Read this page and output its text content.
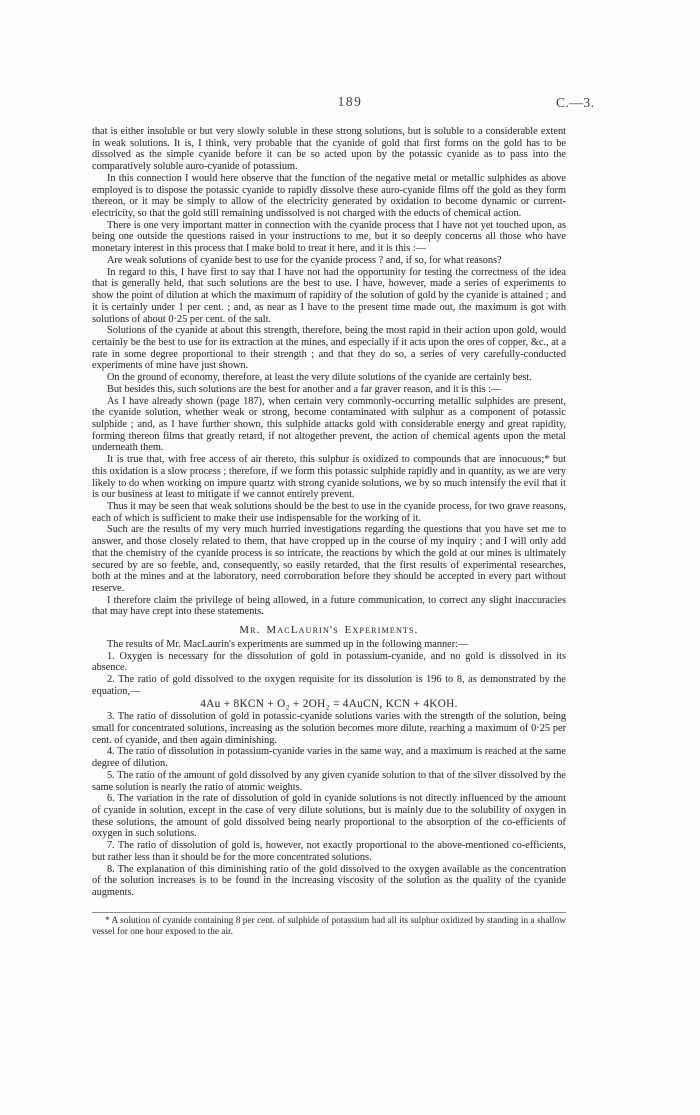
189	C.—3.

that is either insoluble or but very slowly soluble in these strong solutions, but is soluble to a considerable extent in weak solutions. It is, I think, very probable that the cyanide of gold that first forms on the gold has to be dissolved as the simple cyanide before it can be so acted upon by the potassic cyanide as to pass into the comparatively soluble auro-cyanide of potassium.

In this connection I would here observe that the function of the negative metal or metallic sulphides as above employed is to dispose the potassic cyanide to rapidly dissolve these auro-cyanide films off the gold as they form thereon, or it may be simply to allow of the electricity generated by oxidation to become dynamic or current-electricity, so that the gold still remaining undissolved is not charged with the educts of chemical action.

There is one very important matter in connection with the cyanide process that I have not yet touched upon, as being one outside the questions raised in your instructions to me, but it so deeply concerns all those who have monetary interest in this process that I make bold to treat it here, and it is this :—

Are weak solutions of cyanide best to use for the cyanide process ? and, if so, for what reasons?

In regard to this, I have first to say that I have not had the opportunity for testing the correctness of the idea that is generally held, that such solutions are the best to use. I have, however, made a series of experiments to show the point of dilution at which the maximum of rapidity of the solution of gold by the cyanide is attained ; and it is certainly under 1 per cent. ; and, as near as I have to the present time made out, the maximum is got with solutions of about 0·25 per cent. of the salt.

Solutions of the cyanide at about this strength, therefore, being the most rapid in their action upon gold, would certainly be the best to use for its extraction at the mines, and especially if it acts upon the ores of copper, &c., at a rate in some degree proportional to their strength ; and that they do so, a series of very carefully-conducted experiments of mine have just shown.

On the ground of economy, therefore, at least the very dilute solutions of the cyanide are certainly best.

But besides this, such solutions are the best for another and a far graver reason, and it is this :—

As I have already shown (page 187), when certain very commonly-occurring metallic sulphides are present, the cyanide solution, whether weak or strong, become contaminated with sulphur as a component of potassic sulphide ; and, as I have further shown, this sulphide attacks gold with considerable energy and great rapidity, forming thereon films that greatly retard, if not altogether prevent, the action of chemical agents upon the metal underneath them.

It is true that, with free access of air thereto, this sulphur is oxidized to compounds that are innocuous;* but this oxidation is a slow process ; therefore, if we form this potassic sulphide rapidly and in quantity, as we are very likely to do when working on impure quartz with strong cyanide solutions, we by so much intensify the evil that it is our business at least to mitigate if we cannot entirely prevent.

Thus it may be seen that weak solutions should be the best to use in the cyanide process, for two grave reasons, each of which is sufficient to make their use indispensable for the working of it.

Such are the results of my very much hurried investigations regarding the questions that you have set me to answer, and those closely related to them, that have cropped up in the course of my inquiry ; and I will only add that the chemistry of the cyanide process is so intricate, the reactions by which the gold at our mines is ultimately secured by are so feeble, and, consequently, so easily retarded, that the first results of experimental researches, both at the mines and at the laboratory, need corroboration before they should be accepted in every part without reserve.

I therefore claim the privilege of being allowed, in a future communication, to correct any slight inaccuracies that may have crept into these statements.

Mr. MacLaurin's Experiments.

The results of Mr. MacLaurin's experiments are summed up in the following manner:—

1. Oxygen is necessary for the dissolution of gold in potassium-cyanide, and no gold is dissolved in its absence.

2. The ratio of gold dissolved to the oxygen requisite for its dissolution is 196 to 8, as demonstrated by the equation,—

4Au + 8KCN + O₂ + 2OH₂ = 4AuCN, KCN + 4KOH.

3. The ratio of dissolution of gold in potassic-cyanide solutions varies with the strength of the solution, being small for concentrated solutions, increasing as the solution becomes more dilute, reaching a maximum of 0·25 per cent. of cyanide, and then again diminishing.

4. The ratio of dissolution in potassium-cyanide varies in the same way, and a maximum is reached at the same degree of dilution.

5. The ratio of the amount of gold dissolved by any given cyanide solution to that of the silver dissolved by the same solution is nearly the ratio of atomic weights.

6. The variation in the rate of dissolution of gold in cyanide solutions is not directly influenced by the amount of cyanide in solution, except in the case of very dilute solutions, but is mainly due to the solubility of oxygen in these solutions, the amount of gold dissolved being nearly proportional to the absorption of the co-efficients of oxygen in such solutions.

7. The ratio of dissolution of gold is, however, not exactly proportional to the above-mentioned co-efficients, but rather less than it should be for the more concentrated solutions.

8. The explanation of this diminishing ratio of the gold dissolved to the oxygen available as the concentration of the solution increases is to be found in the increasing viscosity of the solution as the quality of the cyanide augments.

* A solution of cyanide containing 8 per cent. of sulphide of potassium had all its sulphur oxidized by standing in a shallow vessel for one hour exposed to the air.
